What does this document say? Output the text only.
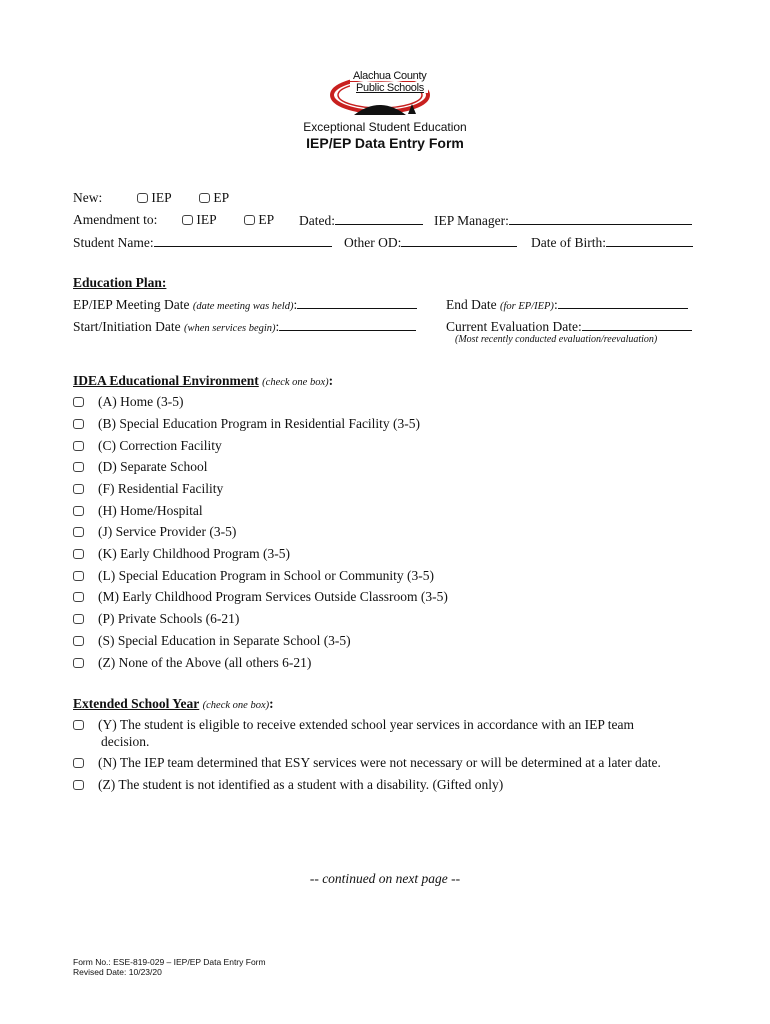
Alachua County
Public Schools
Exceptional Student Education
IEP/EP Data Entry Form
New:	IEP	EP
Amendment to:	IEP	EP Dated:	IEP Manager:
Student Name:	Other OD:	Date of Birth:
Education Plan:
EP/IEP Meeting Date (date meeting was held):	End Date (for EP/IEP):
Start/Initiation Date (when services begin):	Current Evaluation Date:
(Most recently conducted evaluation/reevaluation)
IDEA Educational Environment (check one box):
(A) Home (3-5)
(B) Special Education Program in Residential Facility (3-5)
(C) Correction Facility
(D) Separate School
(F) Residential Facility
(H) Home/Hospital
(J) Service Provider (3-5)
(K) Early Childhood Program (3-5)
(L) Special Education Program in School or Community (3-5)
(M) Early Childhood Program Services Outside Classroom (3-5)
(P) Private Schools (6-21)
(S) Special Education in Separate School (3-5)
(Z) None of the Above (all others 6-21)
Extended School Year (check one box):
(Y) The student is eligible to receive extended school year services in accordance with an IEP team
decision.
(N) The IEP team determined that ESY services were not necessary or will be determined at a later date.
(Z) The student is not identified as a student with a disability. (Gifted only)
-- continued on next page --
Form No.: ESE-819-029 – IEP/EP Data Entry Form
Revised Date: 10/23/20
